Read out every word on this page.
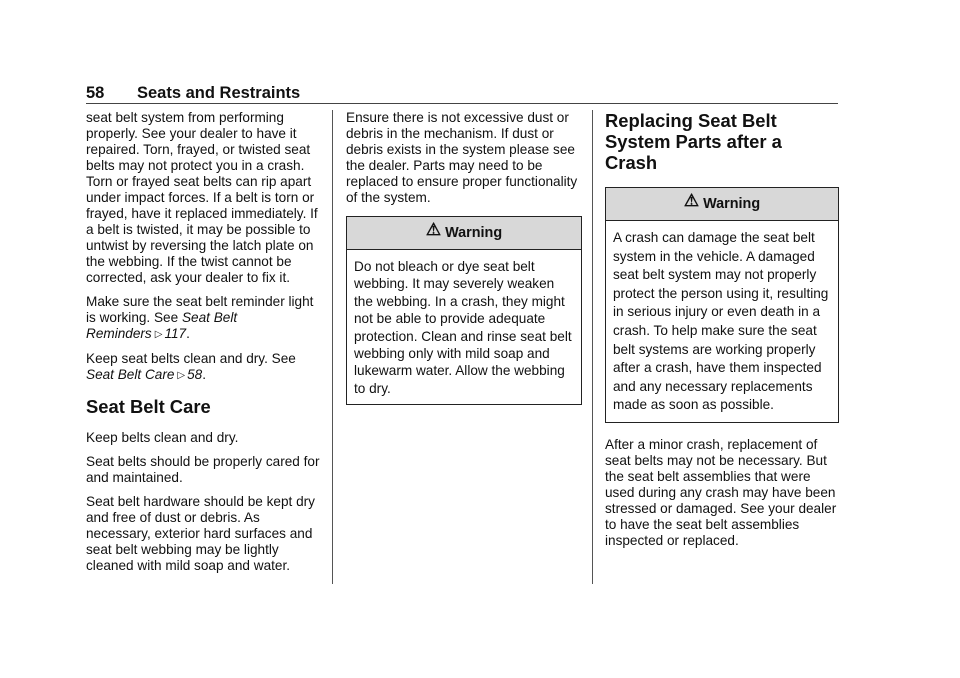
58 Seats and Restraints

seat belt system from performing properly. See your dealer to have it repaired. Torn, frayed, or twisted seat belts may not protect you in a crash. Torn or frayed seat belts can rip apart under impact forces. If a belt is torn or frayed, have it replaced immediately. If a belt is twisted, it may be possible to untwist by reversing the latch plate on the webbing. If the twist cannot be corrected, ask your dealer to fix it.

Make sure the seat belt reminder light is working. See Seat Belt Reminders ▷ 117.

Keep seat belts clean and dry. See Seat Belt Care ▷ 58.

Seat Belt Care

Keep belts clean and dry.

Seat belts should be properly cared for and maintained.

Seat belt hardware should be kept dry and free of dust or debris. As necessary, exterior hard surfaces and seat belt webbing may be lightly cleaned with mild soap and water.

Ensure there is not excessive dust or debris in the mechanism. If dust or debris exists in the system please see the dealer. Parts may need to be replaced to ensure proper functionality of the system.

⚠ Warning
Do not bleach or dye seat belt webbing. It may severely weaken the webbing. In a crash, they might not be able to provide adequate protection. Clean and rinse seat belt webbing only with mild soap and lukewarm water. Allow the webbing to dry.
Replacing Seat Belt System Parts after a Crash
⚠ Warning
A crash can damage the seat belt system in the vehicle. A damaged seat belt system may not properly protect the person using it, resulting in serious injury or even death in a crash. To help make sure the seat belt systems are working properly after a crash, have them inspected and any necessary replacements made as soon as possible.

After a minor crash, replacement of seat belts may not be necessary. But the seat belt assemblies that were used during any crash may have been stressed or damaged. See your dealer to have the seat belt assemblies inspected or replaced.
